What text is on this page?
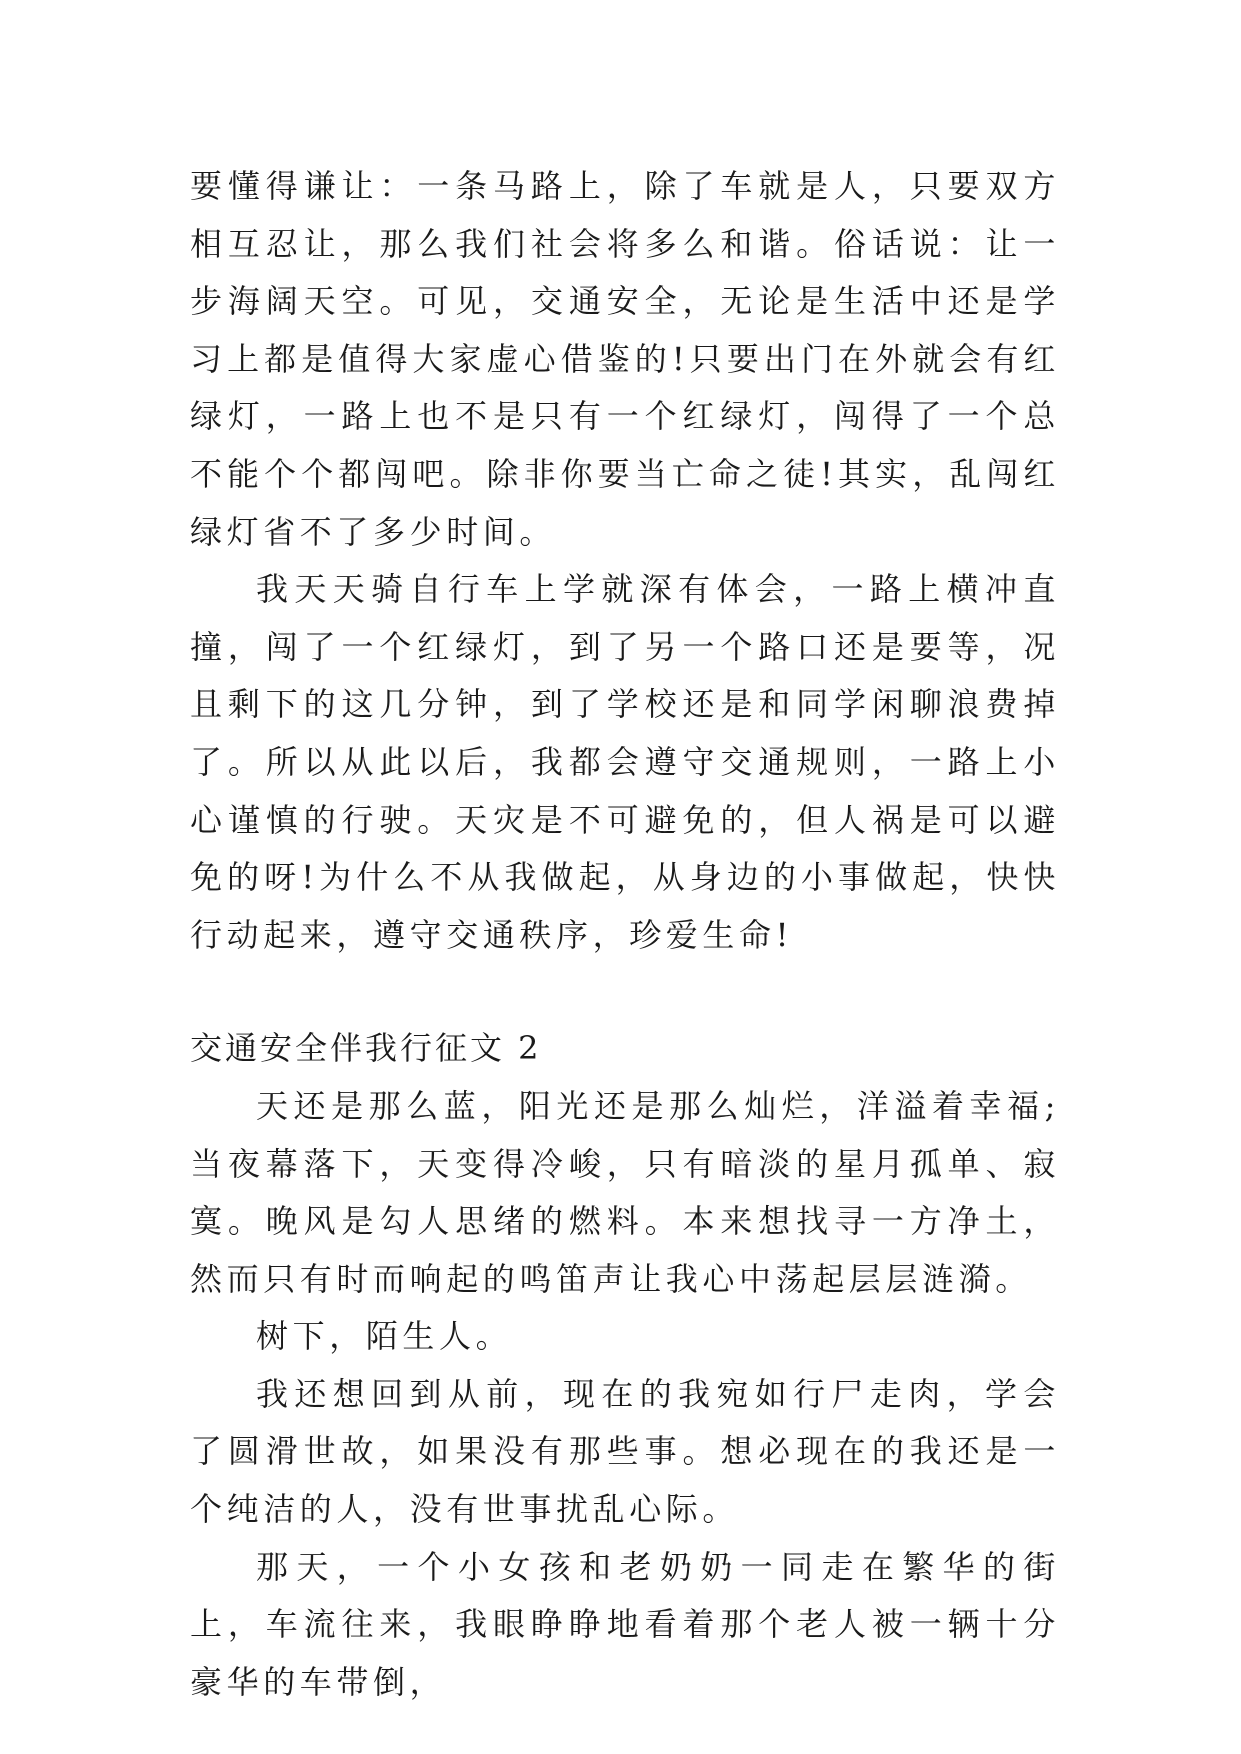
要懂得谦让：一条马路上，除了车就是人，只要双方相互忍让，那么我们社会将多么和谐。俗话说：让一步海阔天空。可见，交通安全，无论是生活中还是学习上都是值得大家虚心借鉴的!只要出门在外就会有红绿灯，一路上也不是只有一个红绿灯，闯得了一个总不能个个都闯吧。除非你要当亡命之徒!其实，乱闯红绿灯省不了多少时间。

我天天骑自行车上学就深有体会，一路上横冲直撞，闯了一个红绿灯，到了另一个路口还是要等，况且剩下的这几分钟，到了学校还是和同学闲聊浪费掉了。所以从此以后，我都会遵守交通规则，一路上小心谨慎的行驶。天灾是不可避免的，但人祸是可以避免的呀!为什么不从我做起，从身边的小事做起，快快行动起来，遵守交通秩序，珍爱生命!

交通安全伴我行征文 2

天还是那么蓝，阳光还是那么灿烂，洋溢着幸福;当夜幕落下，天变得冷峻，只有暗淡的星月孤单、寂寞。晚风是勾人思绪的燃料。本来想找寻一方净土，然而只有时而响起的鸣笛声让我心中荡起层层涟漪。

树下，陌生人。

我还想回到从前，现在的我宛如行尸走肉，学会了圆滑世故，如果没有那些事。想必现在的我还是一个纯洁的人，没有世事扰乱心际。

那天，一个小女孩和老奶奶一同走在繁华的街上，车流往来，我眼睁睁地看着那个老人被一辆十分豪华的车带倒，
